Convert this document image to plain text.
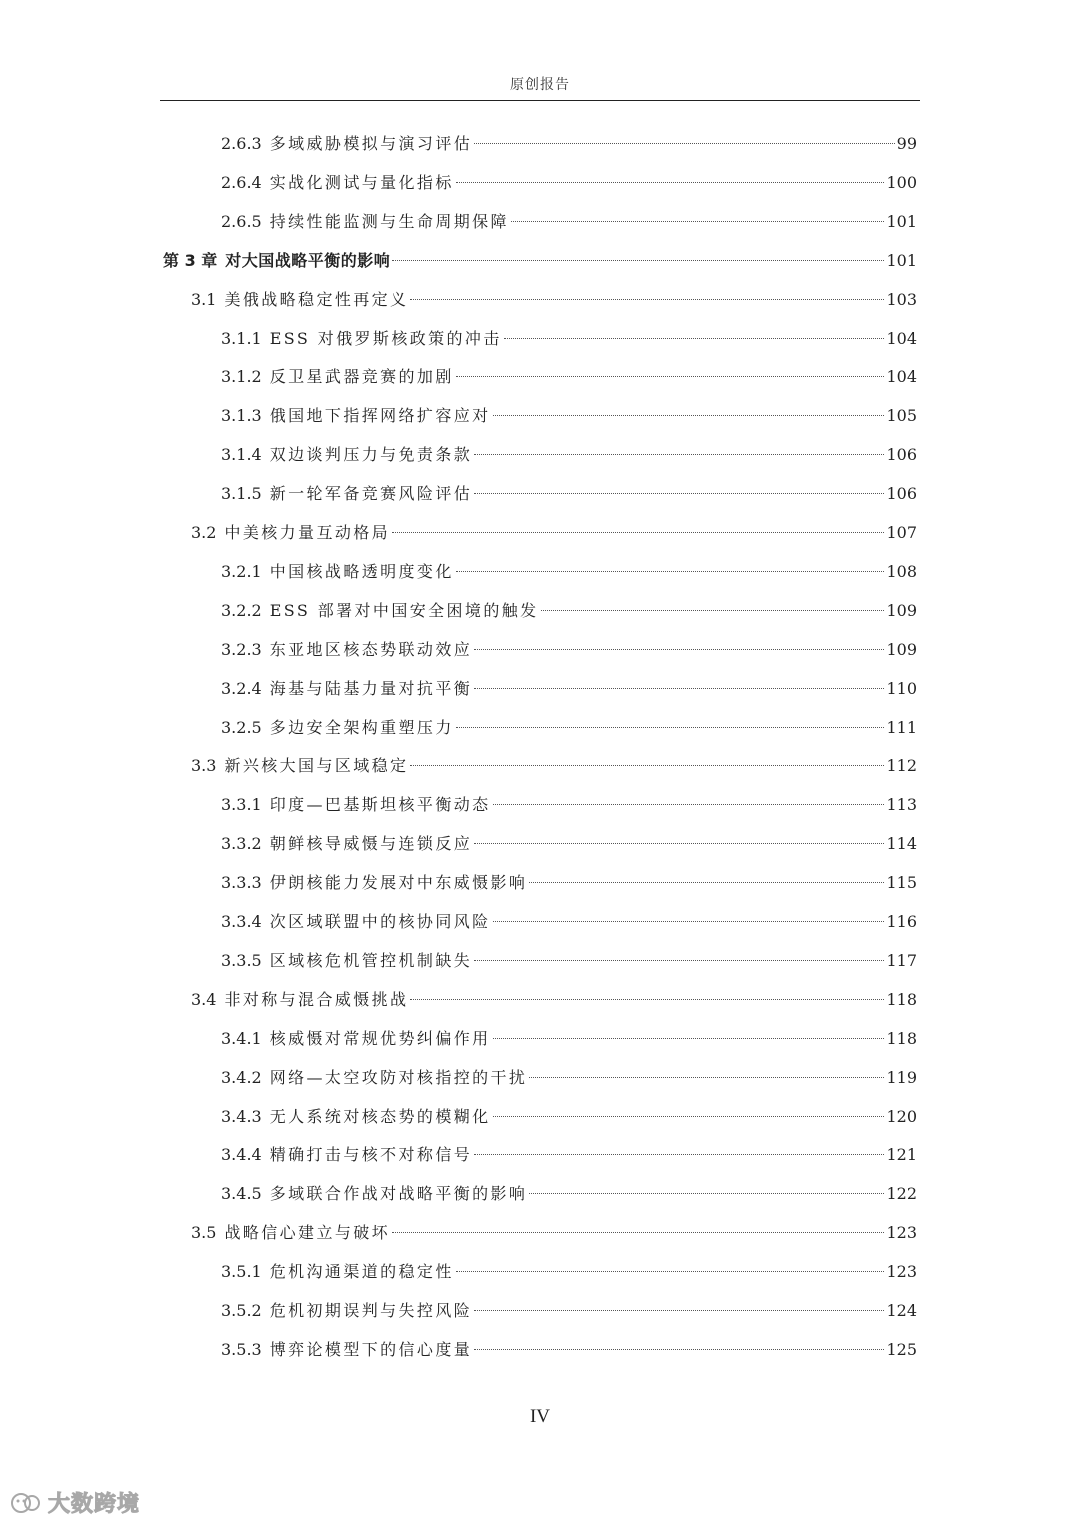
原创报告
2.6.3 多域威胁模拟与演习评估	99
2.6.4 实战化测试与量化指标	100
2.6.5 持续性能监测与生命周期保障	101
第 3 章 对大国战略平衡的影响	101
3.1 美俄战略稳定性再定义	103
3.1.1 ESS 对俄罗斯核政策的冲击	104
3.1.2 反卫星武器竞赛的加剧	104
3.1.3 俄国地下指挥网络扩容应对	105
3.1.4 双边谈判压力与免责条款	106
3.1.5 新一轮军备竞赛风险评估	106
3.2 中美核力量互动格局	107
3.2.1 中国核战略透明度变化	108
3.2.2 ESS 部署对中国安全困境的触发	109
3.2.3 东亚地区核态势联动效应	109
3.2.4 海基与陆基力量对抗平衡	110
3.2.5 多边安全架构重塑压力	111
3.3 新兴核大国与区域稳定	112
3.3.1 印度—巴基斯坦核平衡动态	113
3.3.2 朝鲜核导威慑与连锁反应	114
3.3.3 伊朗核能力发展对中东威慑影响	115
3.3.4 次区域联盟中的核协同风险	116
3.3.5 区域核危机管控机制缺失	117
3.4 非对称与混合威慑挑战	118
3.4.1 核威慑对常规优势纠偏作用	118
3.4.2 网络—太空攻防对核指控的干扰	119
3.4.3 无人系统对核态势的模糊化	120
3.4.4 精确打击与核不对称信号	121
3.4.5 多域联合作战对战略平衡的影响	122
3.5 战略信心建立与破坏	123
3.5.1 危机沟通渠道的稳定性	123
3.5.2 危机初期误判与失控风险	124
3.5.3 博弈论模型下的信心度量	125
IV
大数跨境
